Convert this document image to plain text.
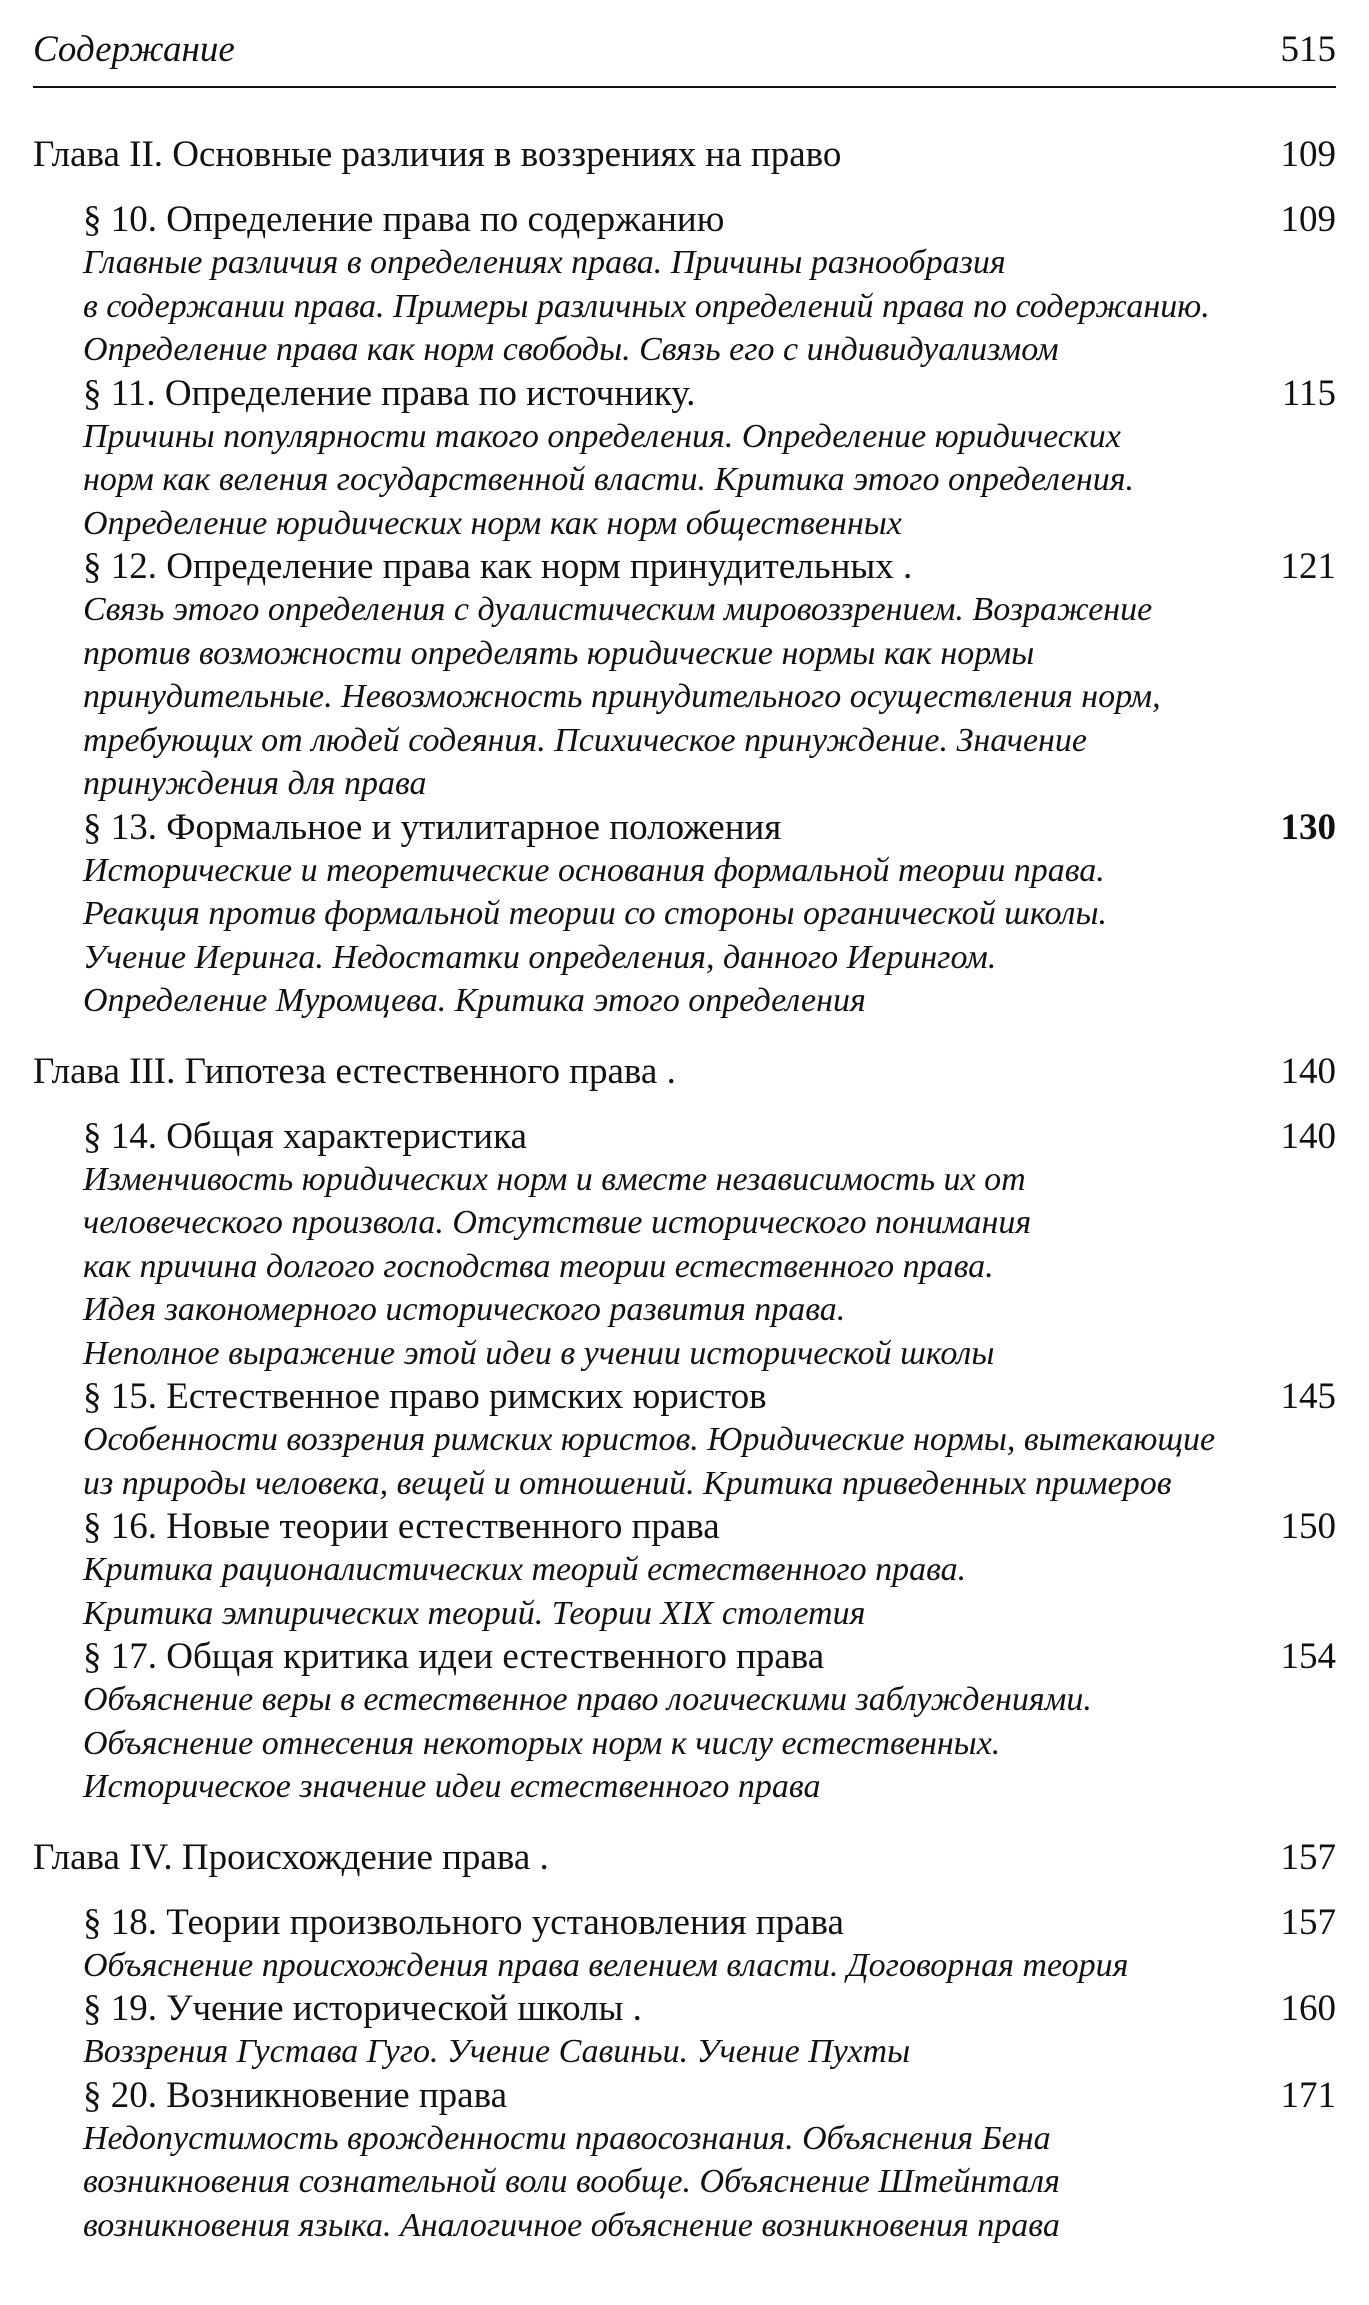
Содержание	515
Глава II. Основные различия в воззрениях на право	109
§ 10. Определение права по содержанию	109
Главные различия в определениях права. Причины разнообразия
в содержании права. Примеры различных определений права по содержанию.
Определение права как норм свободы. Связь его с индивидуализмом
§ 11. Определение права по источнику.	115
Причины популярности такого определения. Определение юридических
норм как веления государственной власти. Критика этого определения.
Определение юридических норм как норм общественных
§ 12. Определение права как норм принудительных .	121
Связь этого определения с дуалистическим мировоззрением. Возражение
против возможности определять юридические нормы как нормы
принудительные. Невозможность принудительного осуществления норм,
требующих от людей содеяния. Психическое принуждение. Значение
принуждения для права
§ 13. Формальное и утилитарное положения	130
Исторические и теоретические основания формальной теории права.
Реакция против формальной теории со стороны органической школы.
Учение Иеринга. Недостатки определения, данного Иерингом.
Определение Муромцева. Критика этого определения
Глава III. Гипотеза естественного права .	140
§ 14. Общая характеристика	140
Изменчивость юридических норм и вместе независимость их от
человеческого произвола. Отсутствие исторического понимания
как причина долгого господства теории естественного права.
Идея закономерного исторического развития права.
Неполное выражение этой идеи в учении исторической школы
§ 15. Естественное право римских юристов	145
Особенности воззрения римских юристов. Юридические нормы, вытекающие
из природы человека, вещей и отношений. Критика приведенных примеров
§ 16. Новые теории естественного права	150
Критика рационалистических теорий естественного права.
Критика эмпирических теорий. Теории XIX столетия
§ 17. Общая критика идеи естественного права	154
Объяснение веры в естественное право логическими заблуждениями.
Объяснение отнесения некоторых норм к числу естественных.
Историческое значение идеи естественного права
Глава IV. Происхождение права .	157
§ 18. Теории произвольного установления права	157
Объяснение происхождения права велением власти. Договорная теория
§ 19. Учение исторической школы .	160
Воззрения Густава Гуго. Учение Савиньи. Учение Пухты
§ 20. Возникновение права	171
Недопустимость врожденности правосознания. Объяснения Бена
возникновения сознательной воли вообще. Объяснение Штейнталя
возникновения языка. Аналогичное объяснение возникновения права
